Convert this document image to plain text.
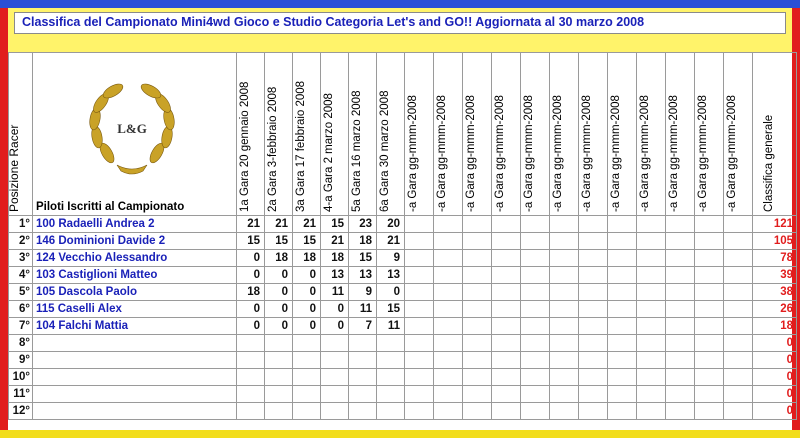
Classifica del Campionato Mini4wd Gioco e Studio Categoria Let's and GO!! Aggiornata al 30 marzo 2008
Posizione Racer	L&G
Piloti Iscritti al Campionato	1a Gara 20 gennaio 2008	2a Gara 3-febbraio 2008	3a Gara 17 febbraio 2008	4-a Gara 2 marzo 2008	5a Gara 16 marzo 2008	6a Gara 30 marzo 2008	-a Gara gg-mmm-2008	-a Gara gg-mmm-2008	-a Gara gg-mmm-2008	-a Gara gg-mmm-2008	-a Gara gg-mmm-2008	-a Gara gg-mmm-2008	-a Gara gg-mmm-2008	-a Gara gg-mmm-2008	-a Gara gg-mmm-2008	-a Gara gg-mmm-2008	-a Gara gg-mmm-2008	-a Gara gg-mmm-2008	Classifica generale

1°	100 Radaelli Andrea 2	21	21	21	15	23	20													121
2°	146 Dominioni Davide 2	15	15	15	21	18	21													105
3°	124 Vecchio Alessandro	0	18	18	18	15	9													78
4°	103 Castiglioni Matteo	0	0	0	13	13	13													39
5°	105 Dascola Paolo	18	0	0	11	9	0													38
6°	115 Caselli Alex	0	0	0	0	11	15													26
7°	104 Falchi Mattia	0	0	0	0	7	11													18
8°																				0
9°																				0
10°																				0
11°																				0
12°																				0
